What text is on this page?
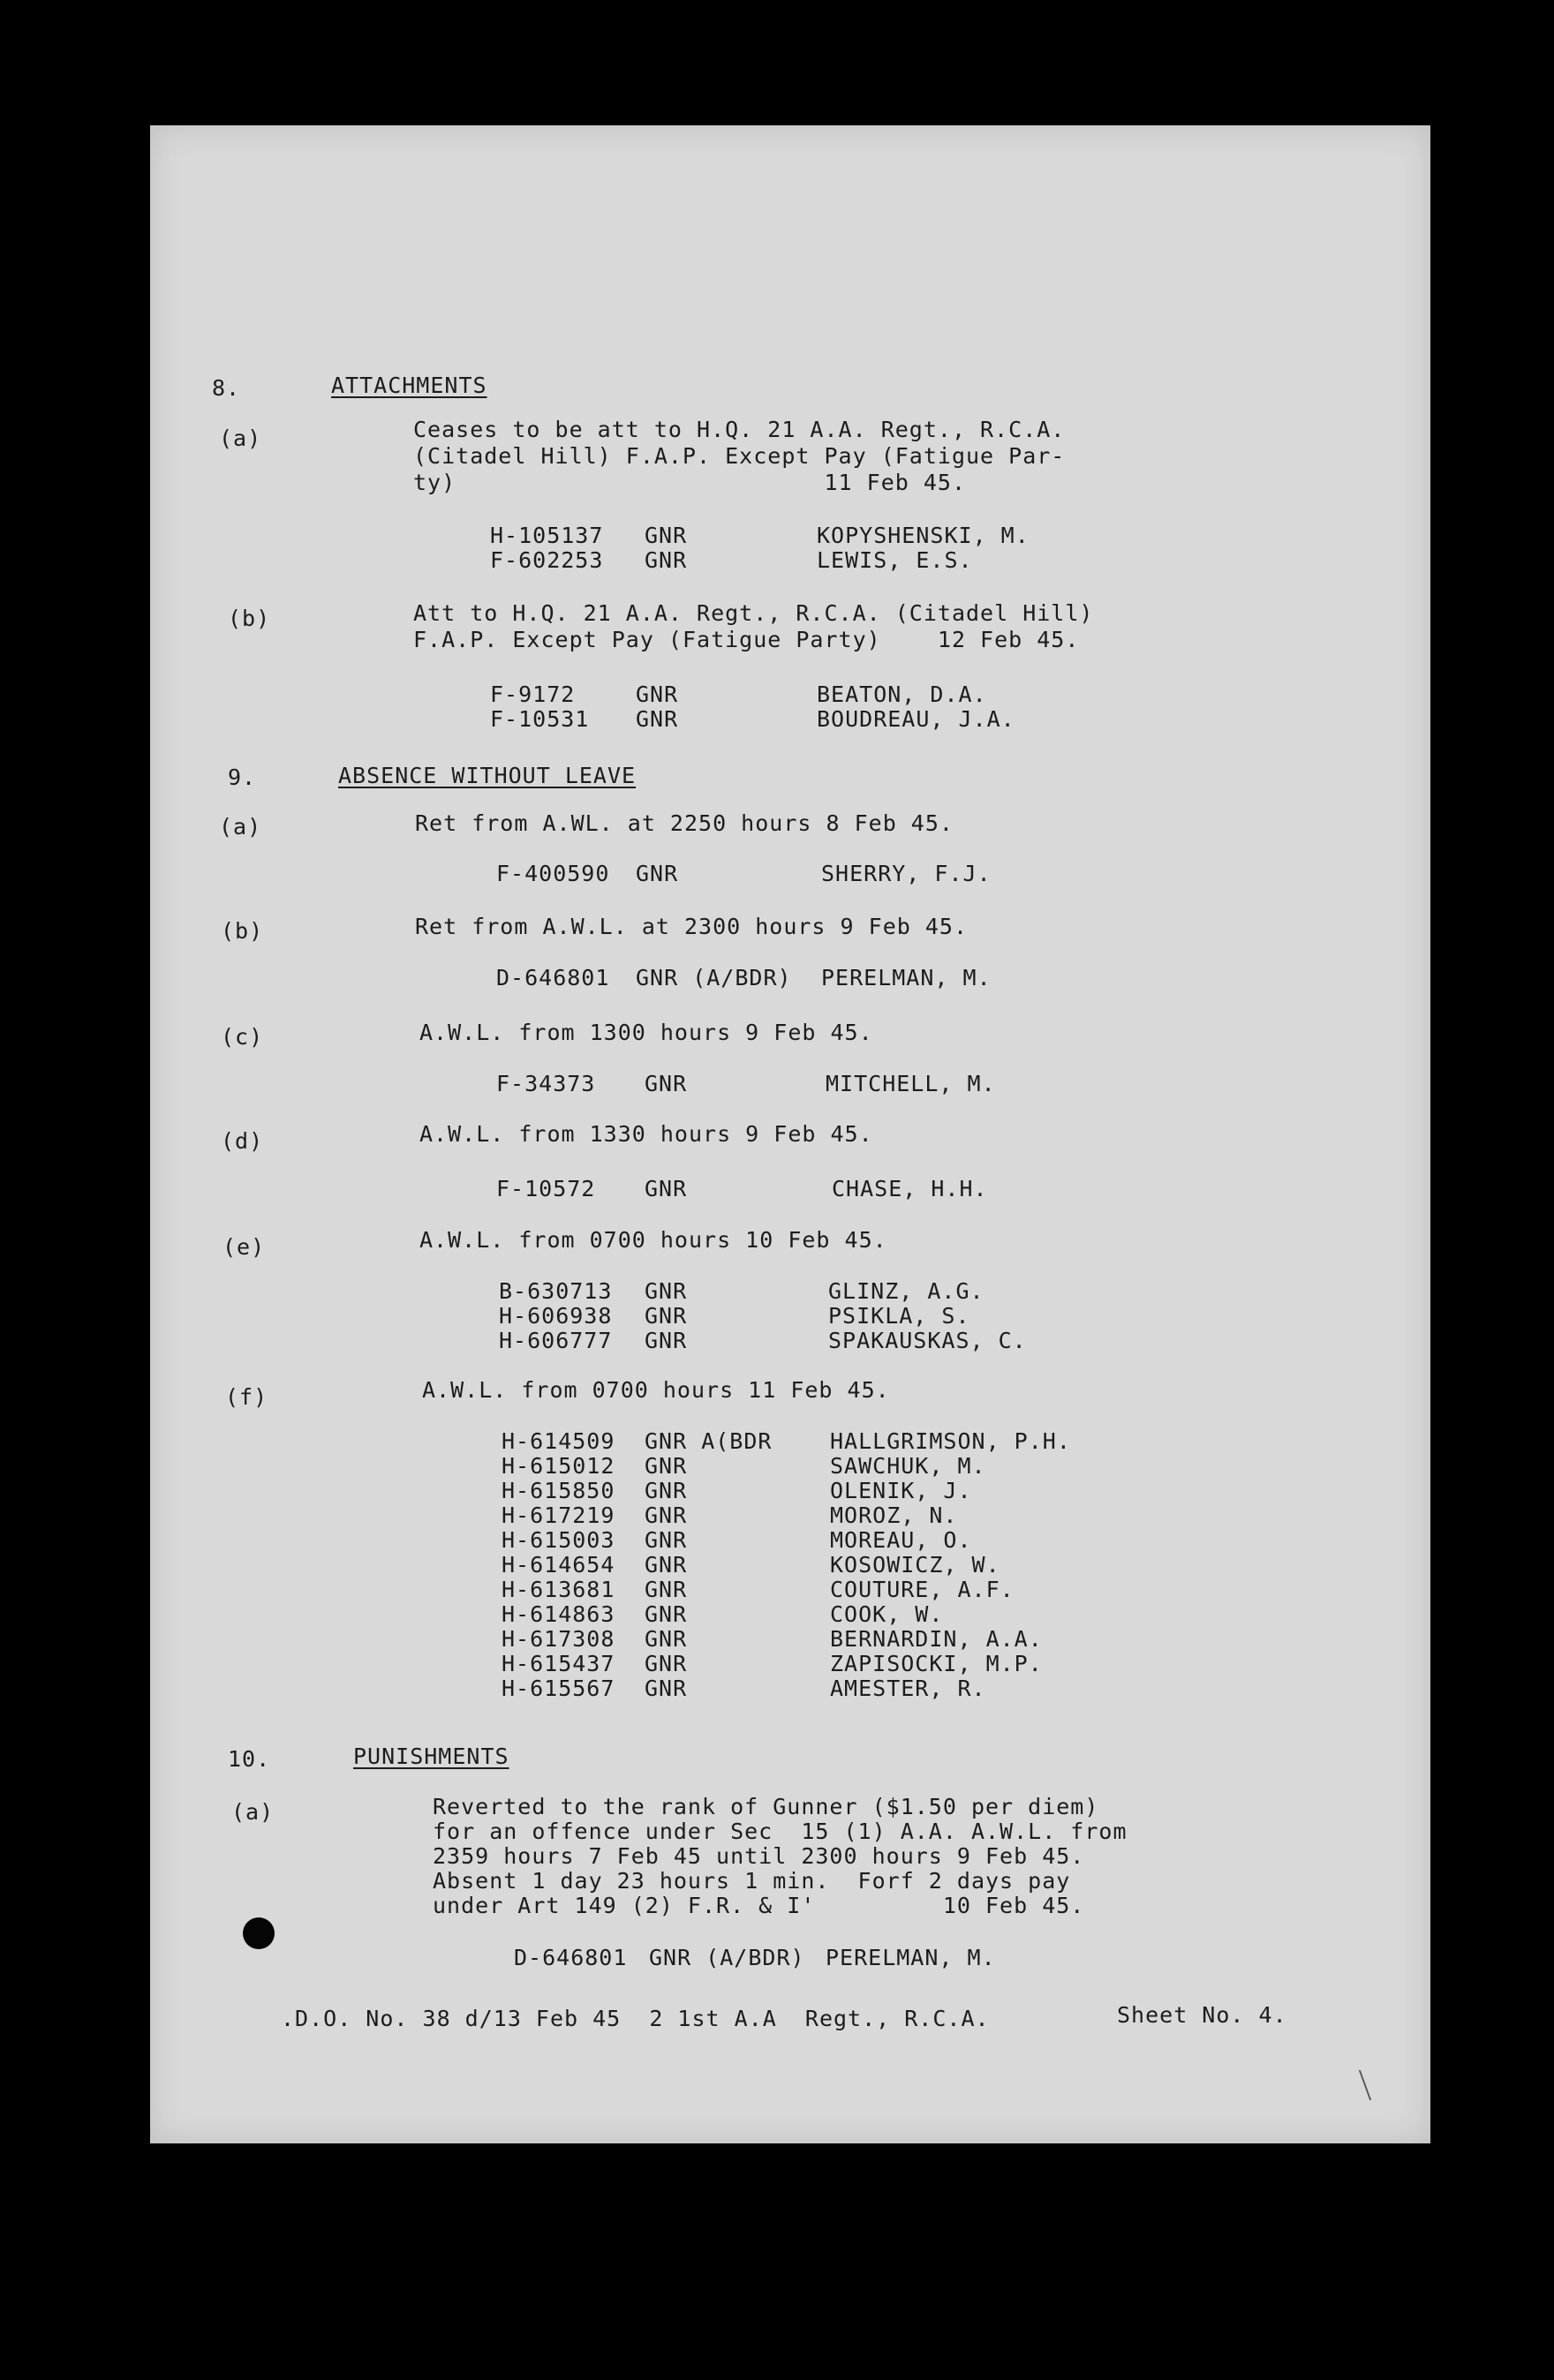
8.	ATTACHMENTS
(a)	Ceases to be att to H.Q. 21 A.A. Regt., R.C.A.
(Citadel Hill) F.A.P. Except Pay (Fatigue Par-
ty)                          11 Feb 45.
H-105137 GNR	KOPYSHENSKI, M.
F-602253 GNR	LEWIS, E.S.
(b)	Att to H.Q. 21 A.A. Regt., R.C.A. (Citadel Hill)
F.A.P. Except Pay (Fatigue Party)    12 Feb 45.
F-9172	GNR	BEATON, D.A.
F-10531 GNR	BOUDREAU, J.A.
9.	ABSENCE WITHOUT LEAVE
(a)	Ret from A.WL. at 2250 hours 8 Feb 45.
F-400590 GNR	SHERRY, F.J.
(b)	Ret from A.W.L. at 2300 hours 9 Feb 45.
D-646801 GNR (A/BDR) PERELMAN, M.
(c)	A.W.L. from 1300 hours 9 Feb 45.
F-34373 GNR	MITCHELL, M.
(d)	A.W.L. from 1330 hours 9 Feb 45.
F-10572 GNR	CHASE, H.H.
(e)	A.W.L. from 0700 hours 10 Feb 45.
B-630713 GNR	GLINZ, A.G.
H-606938 GNR	PSIKLA, S.
H-606777 GNR	SPAKAUSKAS, C.
(f)	A.W.L. from 0700 hours 11 Feb 45.
H-614509 GNR A(BDR	HALLGRIMSON, P.H.
H-615012 GNR	SAWCHUK, M.
H-615850 GNR	OLENIK, J.
H-617219 GNR	MOROZ, N.
H-615003 GNR	MOREAU, O.
H-614654 GNR	KOSOWICZ, W.
H-613681 GNR	COUTURE, A.F.
H-614863 GNR	COOK, W.
H-617308 GNR	BERNARDIN, A.A.
H-615437 GNR	ZAPISOCKI, M.P.
H-615567 GNR	AMESTER, R.
10.	PUNISHMENTS
(a)	Reverted to the rank of Gunner ($1.50 per diem)
for an offence under Sec  15 (1) A.A. A.W.L. from
2359 hours 7 Feb 45 until 2300 hours 9 Feb 45.
Absent 1 day 23 hours 1 min.  Forf 2 days pay
under Art 149 (2) F.R. & I'         10 Feb 45.
D-646801 GNR (A/BDR) PERELMAN, M.
.D.O. No. 38 d/13 Feb 45  2 1st A.A  Regt., R.C.A.	Sheet No. 4.
